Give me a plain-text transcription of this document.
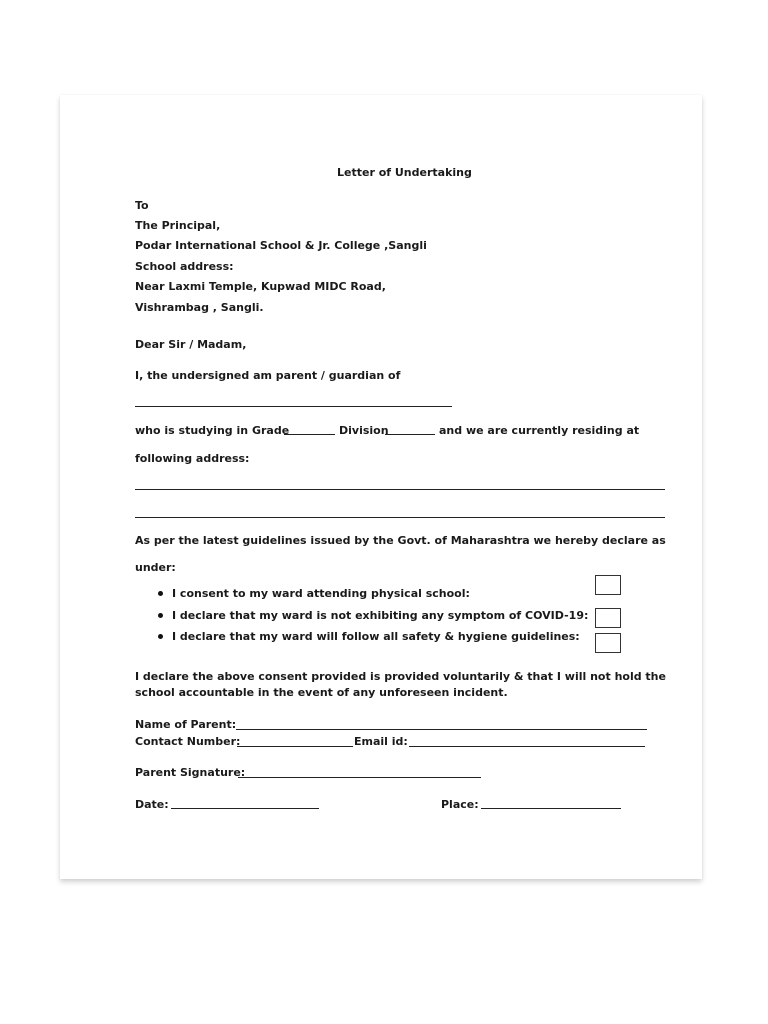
Letter of Undertaking
To
The Principal,
Podar International School & Jr. College ,Sangli
School address:
Near Laxmi Temple, Kupwad MIDC Road,
Vishrambag , Sangli.
Dear Sir / Madam,
I, the undersigned am parent / guardian of
who is studying in Grade	Division	and we are currently residing at
following address:
As per the latest guidelines issued by the Govt. of Maharashtra we hereby declare as
under:
I consent to my ward attending physical school:
I declare that my ward is not exhibiting any symptom of COVID-19:
I declare that my ward will follow all safety & hygiene guidelines:
I declare the above consent provided is provided voluntarily & that I will not hold the
school accountable in the event of any unforeseen incident.
Name of Parent:
Contact Number:	Email id:
Parent Signature:
Date:	Place:
